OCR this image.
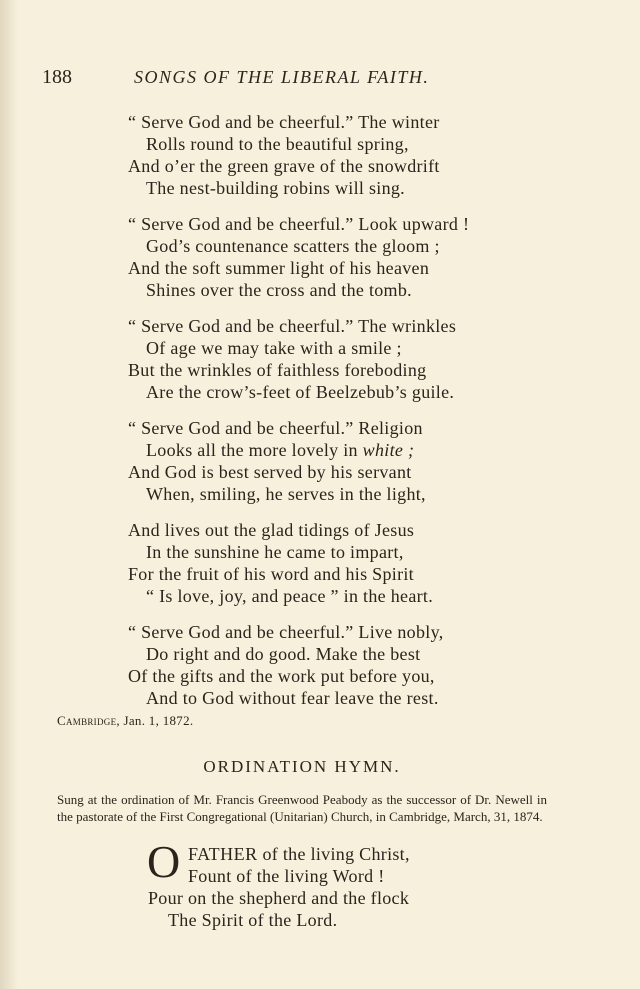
188	SONGS OF THE LIBERAL FAITH.
“ Serve God and be cheerful.” The winter
Rolls round to the beautiful spring,
And o’er the green grave of the snowdrift
The nest-building robins will sing.
“ Serve God and be cheerful.” Look upward !
God’s countenance scatters the gloom ;
And the soft summer light of his heaven
Shines over the cross and the tomb.
“ Serve God and be cheerful.” The wrinkles
Of age we may take with a smile ;
But the wrinkles of faithless foreboding
Are the crow’s-feet of Beelzebub’s guile.
“ Serve God and be cheerful.” Religion
Looks all the more lovely in white ;
And God is best served by his servant
When, smiling, he serves in the light,
And lives out the glad tidings of Jesus
In the sunshine he came to impart,
For the fruit of his word and his Spirit
“ Is love, joy, and peace ” in the heart.
“ Serve God and be cheerful.” Live nobly,
Do right and do good. Make the best
Of the gifts and the work put before you,
And to God without fear leave the rest.
Cambridge, Jan. 1, 1872.
ORDINATION HYMN.
Sung at the ordination of Mr. Francis Greenwood Peabody as the successor of Dr. Newell in the pastorate of the First Congregational (Unitarian) Church, in Cambridge, March, 31, 1874.
O FATHER of the living Christ,
Fount of the living Word !
Pour on the shepherd and the flock
The Spirit of the Lord.
